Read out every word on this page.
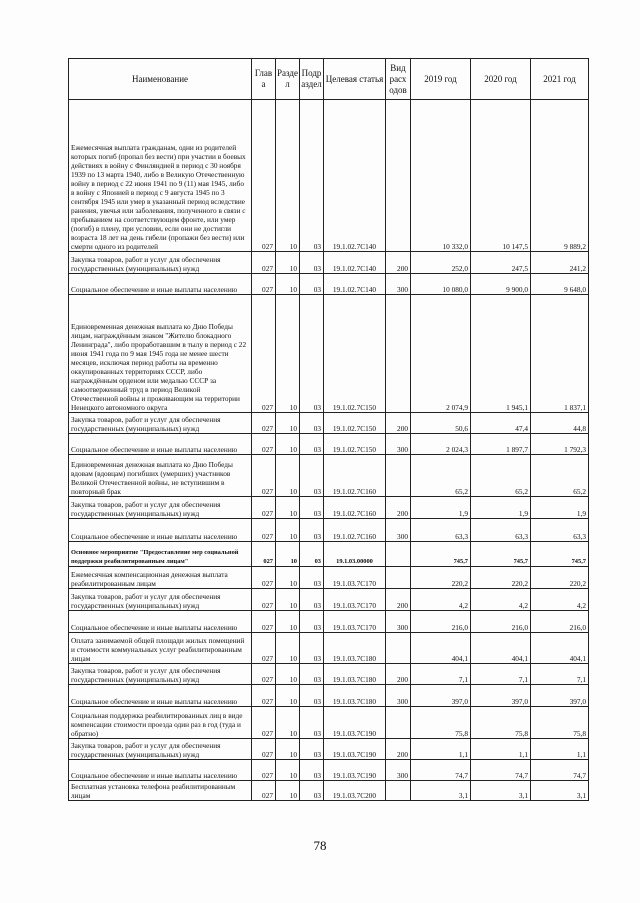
Наименование	Глав а	Разде л	Подр аздел	Целевая статья	Вид расх одов	2019 год	2020 год	2021 год
Ежемесячная выплата гражданам, одни из родителей которых погиб (пропал без вести) при участии в боевых действиях в войну с Финляндией в период с 30 ноября 1939 по 13 марта 1940, либо в Великую Отечественную войну в период с 22 июня 1941 по 9 (11) мая 1945, либо в войну с Японией в период с 9 августа 1945 по 3 сентября 1945 или умер в указанный период вследствие ранения, увечья или заболевания, полученного в связи с пребыванием на соответствующем фронте, или умер (погиб) в плену, при условии, если они не достигли возраста 18 лет на день гибели (пропажи без вести) или смерти одного из родителей	027	10	03	19.1.02.7С140		10 332,0	10 147,5	9 889,2
Закупка товаров, работ и услуг для обеспечения государственных (муниципальных) нужд	027	10	03	19.1.02.7С140	200	252,0	247,5	241,2
Социальное обеспечение и иные выплаты населению	027	10	03	19.1.02.7С140	300	10 080,0	9 900,0	9 648,0
Единовременная денежная выплата ко Дню Победы лицам, награждённым знаком "Жителю блокадного Ленинграда", либо проработавшим в тылу в период с 22 июня 1941 года по 9 мая 1945 года не менее шести месяцев, исключая период работы на временно оккупированных территориях СССР, либо награждённым орденом или медалью СССР за самоотверженный труд в период Великой Отечественной войны и проживающим на территории Ненецкого автономного округа	027	10	03	19.1.02.7С150		2 074,9	1 945,1	1 837,1
Закупка товаров, работ и услуг для обеспечения государственных (муниципальных) нужд	027	10	03	19.1.02.7С150	200	50,6	47,4	44,8
Социальное обеспечение и иные выплаты населению	027	10	03	19.1.02.7С150	300	2 024,3	1 897,7	1 792,3
Единовременная денежная выплата ко Дню Победы вдовам (вдовцам) погибших (умерших) участников Великой Отечественной войны, не вступившим в повторный брак	027	10	03	19.1.02.7С160		65,2	65,2	65,2
Закупка товаров, работ и услуг для обеспечения государственных (муниципальных) нужд	027	10	03	19.1.02.7С160	200	1,9	1,9	1,9
Социальное обеспечение и иные выплаты населению	027	10	03	19.1.02.7С160	300	63,3	63,3	63,3
Основное мероприятие "Предоставление мер социальной поддержки реабилитированным лицам"	027	10	03	19.1.03.00000		745,7	745,7	745,7
Ежемесячная компенсационная денежная выплата реабилитированным лицам	027	10	03	19.1.03.7С170		220,2	220,2	220,2
Закупка товаров, работ и услуг для обеспечения государственных (муниципальных) нужд	027	10	03	19.1.03.7С170	200	4,2	4,2	4,2
Социальное обеспечение и иные выплаты населению	027	10	03	19.1.03.7С170	300	216,0	216,0	216,0
Оплата занимаемой общей площади жилых помещений и стоимости коммунальных услуг реабилитированным лицам	027	10	03	19.1.03.7С180		404,1	404,1	404,1
Закупка товаров, работ и услуг для обеспечения государственных (муниципальных) нужд	027	10	03	19.1.03.7С180	200	7,1	7,1	7,1
Социальное обеспечение и иные выплаты населению	027	10	03	19.1.03.7С180	300	397,0	397,0	397,0
Социальная поддержка реабилитированных лиц в виде компенсации стоимости проезда один раз в год (туда и обратно)	027	10	03	19.1.03.7С190		75,8	75,8	75,8
Закупка товаров, работ и услуг для обеспечения государственных (муниципальных) нужд	027	10	03	19.1.03.7С190	200	1,1	1,1	1,1
Социальное обеспечение и иные выплаты населению	027	10	03	19.1.03.7С190	300	74,7	74,7	74,7
Бесплатная установка телефона реабилитированным лицам	027	10	03	19.1.03.7С200		3,1	3,1	3,1
78
